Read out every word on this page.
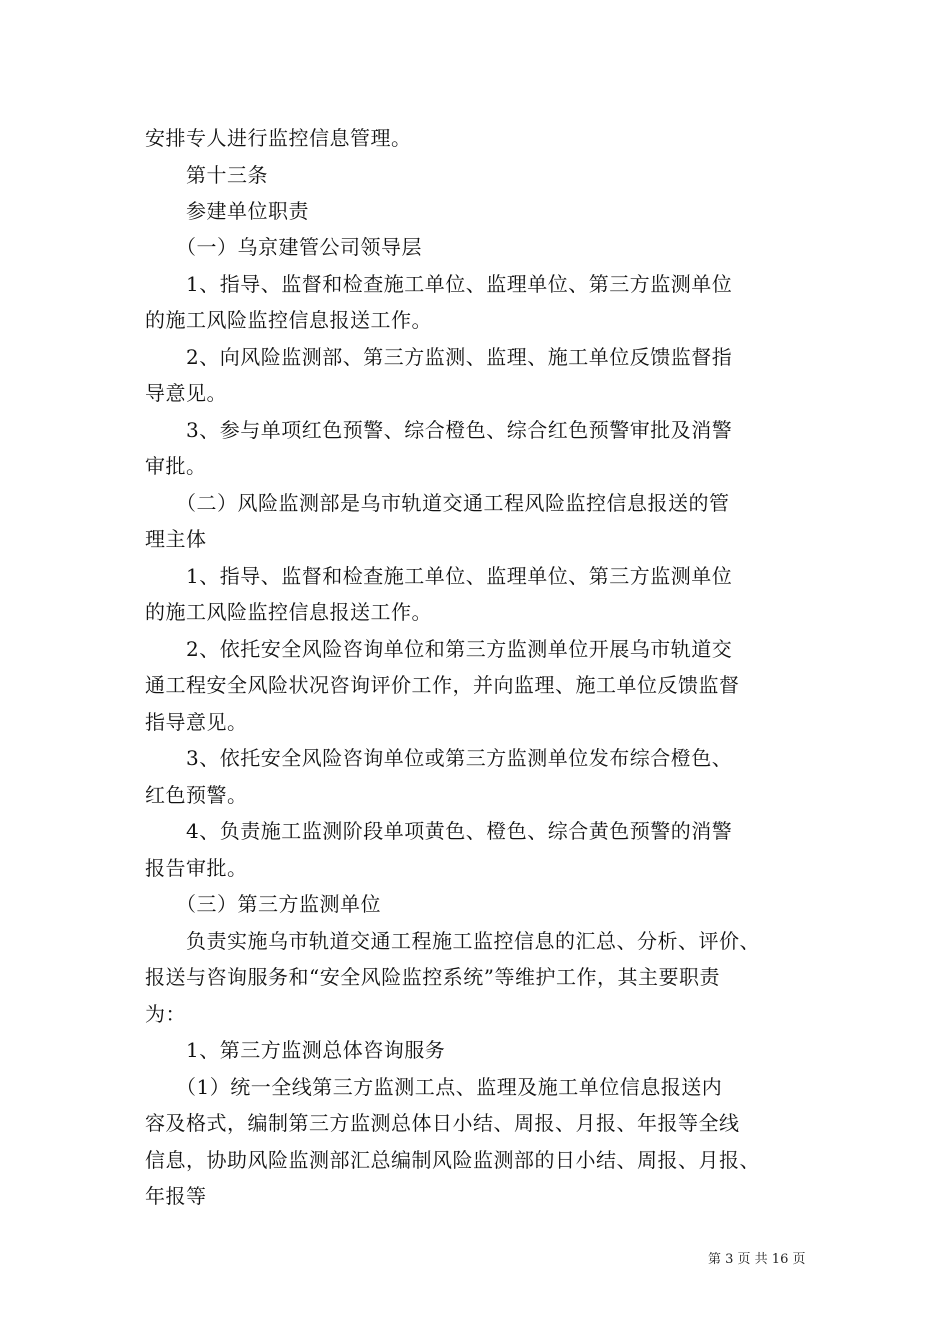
安排专人进行监控信息管理。
　　第十三条
　　参建单位职责
　　（一）乌京建管公司领导层
　　1、指导、监督和检查施工单位、监理单位、第三方监测单位
的施工风险监控信息报送工作。
　　2、向风险监测部、第三方监测、监理、施工单位反馈监督指
导意见。
　　3、参与单项红色预警、综合橙色、综合红色预警审批及消警
审批。
　　（二）风险监测部是乌市轨道交通工程风险监控信息报送的管
理主体
　　1、指导、监督和检查施工单位、监理单位、第三方监测单位
的施工风险监控信息报送工作。
　　2、依托安全风险咨询单位和第三方监测单位开展乌市轨道交
通工程安全风险状况咨询评价工作，并向监理、施工单位反馈监督
指导意见。
　　3、依托安全风险咨询单位或第三方监测单位发布综合橙色、
红色预警。
　　4、负责施工监测阶段单项黄色、橙色、综合黄色预警的消警
报告审批。
　　（三）第三方监测单位
　　负责实施乌市轨道交通工程施工监控信息的汇总、分析、评价、
报送与咨询服务和“安全风险监控系统”等维护工作，其主要职责
为：
　　1、第三方监测总体咨询服务
　　（1）统一全线第三方监测工点、监理及施工单位信息报送内
容及格式，编制第三方监测总体日小结、周报、月报、年报等全线
信息，协助风险监测部汇总编制风险监测部的日小结、周报、月报、
年报等
第 3 页 共 16 页
